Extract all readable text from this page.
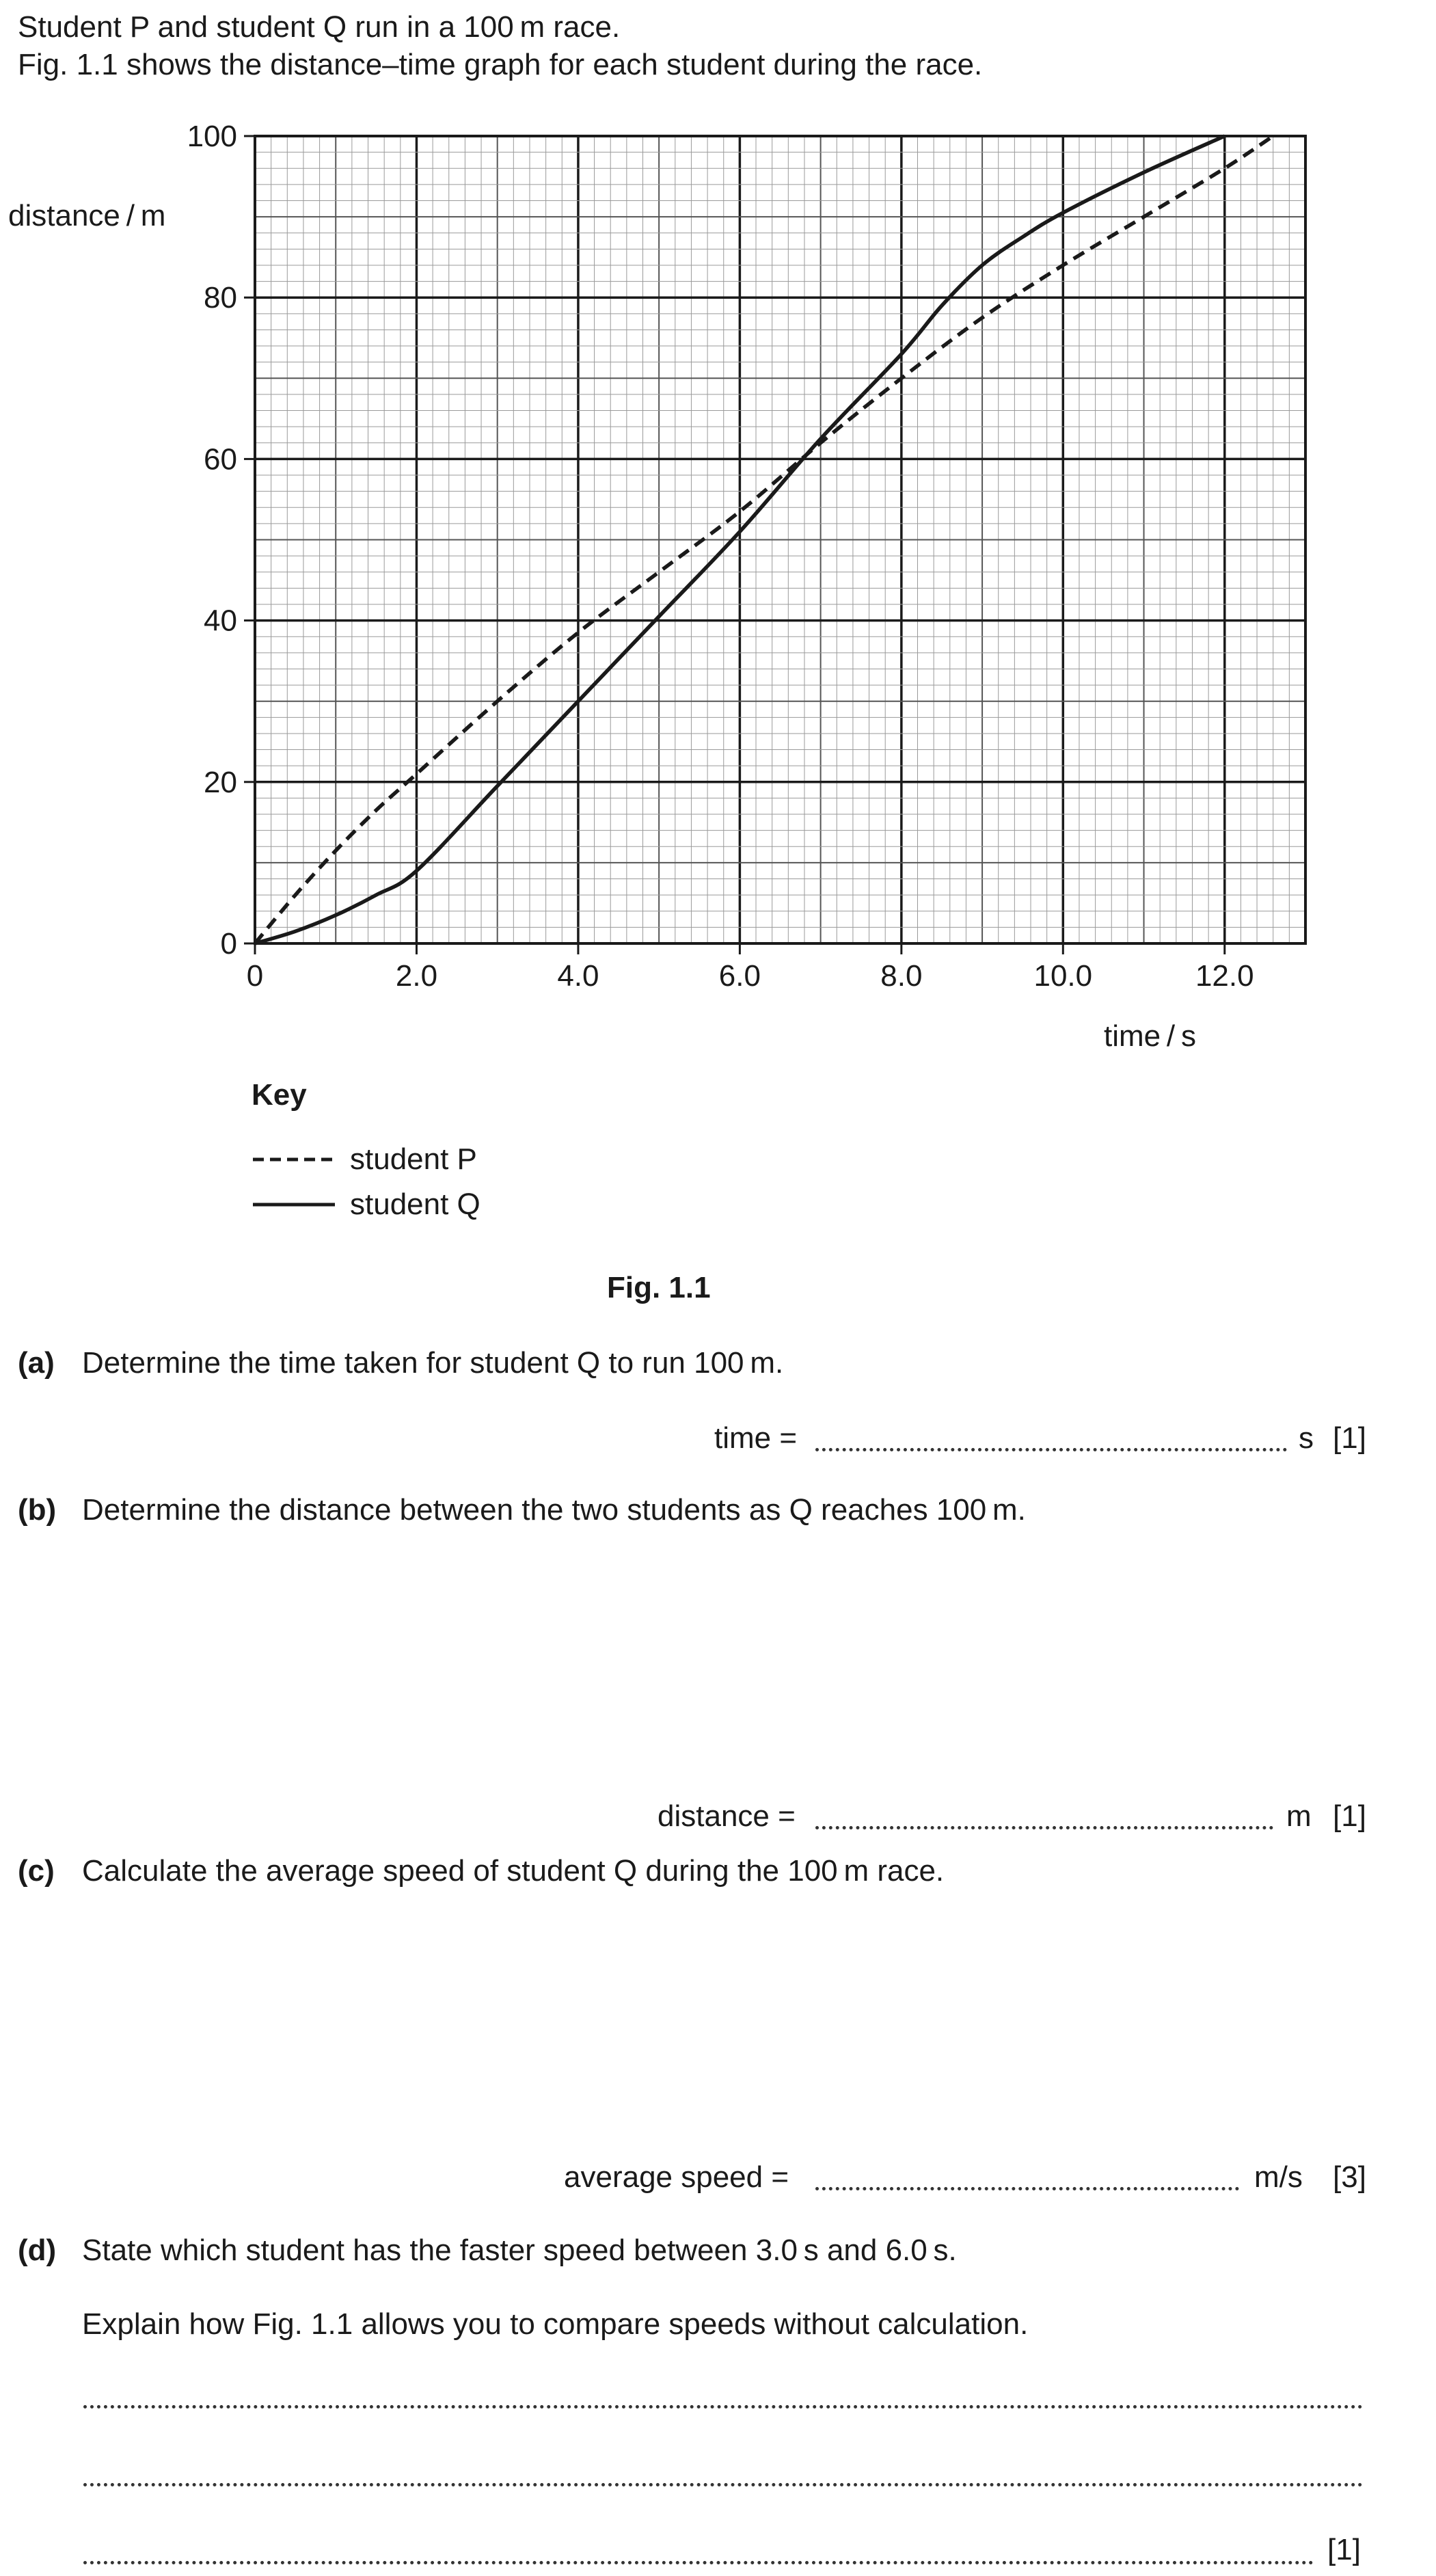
Student P and student Q run in a 100 m race.
Fig. 1.1 shows the distance–time graph for each student during the race.
0	2.0	4.0	6.0	8.0	10.0	12.0
0
20
40
60
80
100
distance / m
time / s
Key
student P
student Q
Fig. 1.1
(a) Determine the time taken for student Q to run 100 m.
time =	s [1]
(b) Determine the distance between the two students as Q reaches 100 m.
distance =	m [1]
(c) Calculate the average speed of student Q during the 100 m race.
average speed =	m/s [3]
(d) State which student has the faster speed between 3.0 s and 6.0 s.
Explain how Fig. 1.1 allows you to compare speeds without calculation.
[1]
